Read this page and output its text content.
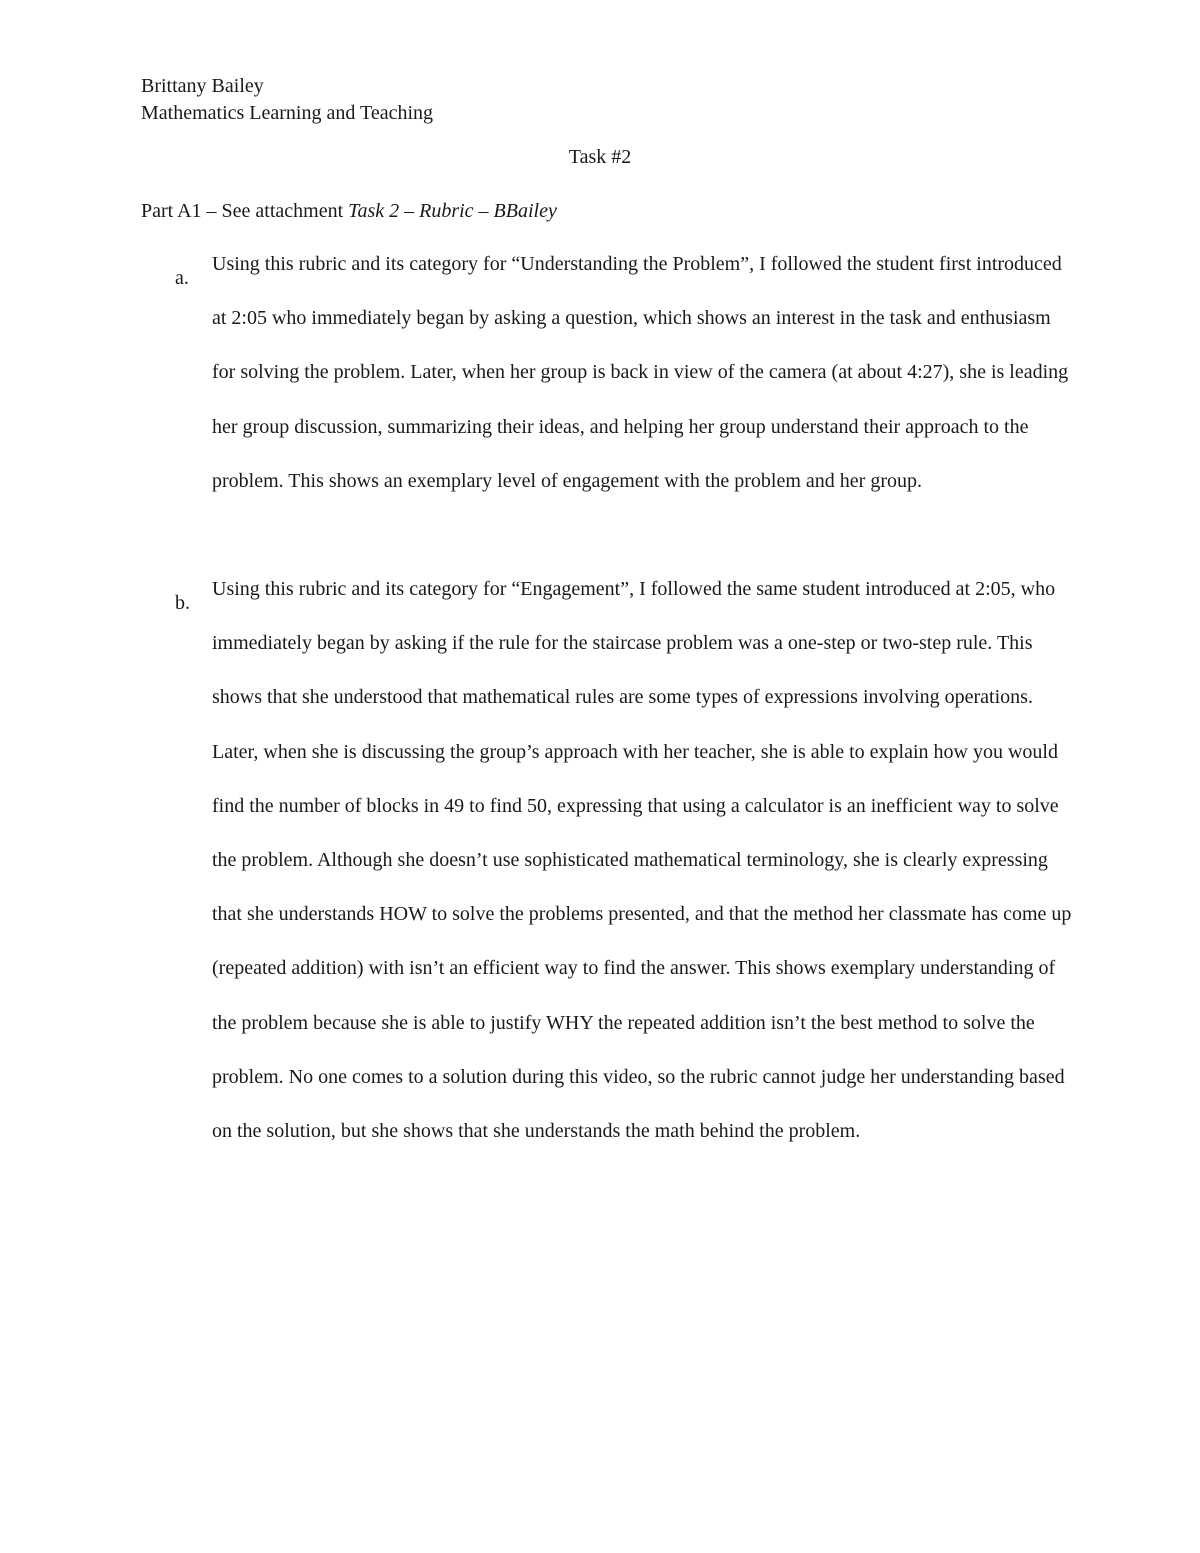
Brittany Bailey
Mathematics Learning and Teaching
Task #2
Part A1 – See attachment Task 2 – Rubric – BBailey
a.

Using this rubric and its category for “Understanding the Problem”, I followed the student first introduced at 2:05 who immediately began by asking a question, which shows an interest in the task and enthusiasm for solving the problem. Later, when her group is back in view of the camera (at about 4:27), she is leading her group discussion, summarizing their ideas, and helping her group understand their approach to the problem. This shows an exemplary level of engagement with the problem and her group.

b.

Using this rubric and its category for “Engagement”, I followed the same student introduced at 2:05, who immediately began by asking if the rule for the staircase problem was a one-step or two-step rule. This shows that she understood that mathematical rules are some types of expressions involving operations. Later, when she is discussing the group’s approach with her teacher, she is able to explain how you would find the number of blocks in 49 to find 50, expressing that using a calculator is an inefficient way to solve the problem. Although she doesn’t use sophisticated mathematical terminology, she is clearly expressing that she understands HOW to solve the problems presented, and that the method her classmate has come up (repeated addition) with isn’t an efficient way to find the answer. This shows exemplary understanding of the problem because she is able to justify WHY the repeated addition isn’t the best method to solve the problem. No one comes to a solution during this video, so the rubric cannot judge her understanding based on the solution, but she shows that she understands the math behind the problem.
